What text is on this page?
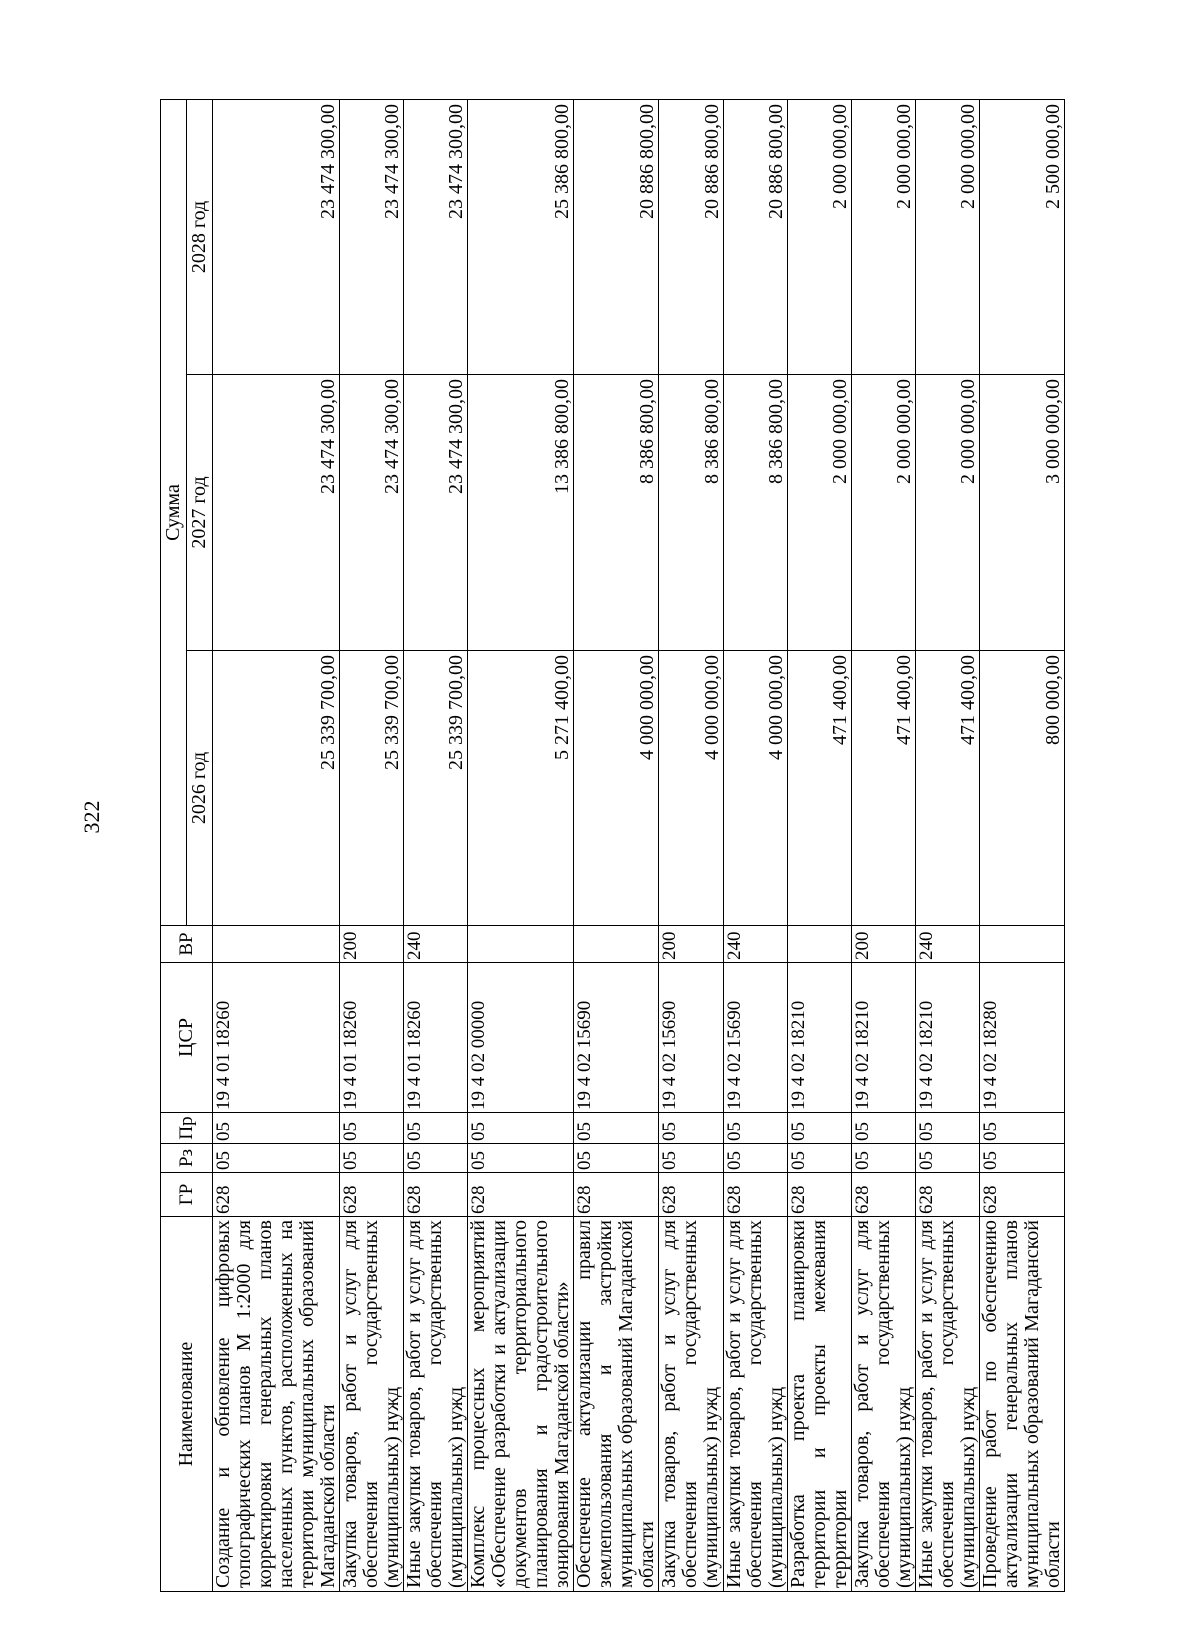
322
Наименование	ГР	Рз	Пр	ЦСР	ВР	Сумма		
						2026 год	2027 год	2028 год
Создание и обновление цифровых топографических планов М 1:2000 для корректировки генеральных планов населенных пунктов, расположенных на территории муниципальных образований Магаданской области	628	05	05	19 4 01 18260		25 339 700,00	23 474 300,00	23 474 300,00
Закупка товаров, работ и услуг для обеспечения государственных (муниципальных) нужд	628	05	05	19 4 01 18260	200	25 339 700,00	23 474 300,00	23 474 300,00
Иные закупки товаров, работ и услуг для обеспечения государственных (муниципальных) нужд	628	05	05	19 4 01 18260	240	25 339 700,00	23 474 300,00	23 474 300,00
Комплекс процессных мероприятий «Обеспечение разработки и актуализации документов территориального планирования и градостроительного зонирования Магаданской области»	628	05	05	19 4 02 00000		5 271 400,00	13 386 800,00	25 386 800,00
Обеспечение актуализации правил землепользования и застройки муниципальных образований Магаданской области	628	05	05	19 4 02 15690		4 000 000,00	8 386 800,00	20 886 800,00
Закупка товаров, работ и услуг для обеспечения государственных (муниципальных) нужд	628	05	05	19 4 02 15690	200	4 000 000,00	8 386 800,00	20 886 800,00
Иные закупки товаров, работ и услуг для обеспечения государственных (муниципальных) нужд	628	05	05	19 4 02 15690	240	4 000 000,00	8 386 800,00	20 886 800,00
Разработка проекта планировки территории и проекты межевания территории	628	05	05	19 4 02 18210		471 400,00	2 000 000,00	2 000 000,00
Закупка товаров, работ и услуг для обеспечения государственных (муниципальных) нужд	628	05	05	19 4 02 18210	200	471 400,00	2 000 000,00	2 000 000,00
Иные закупки товаров, работ и услуг для обеспечения государственных (муниципальных) нужд	628	05	05	19 4 02 18210	240	471 400,00	2 000 000,00	2 000 000,00
Проведение работ по обеспечению актуализации генеральных планов муниципальных образований Магаданской области	628	05	05	19 4 02 18280		800 000,00	3 000 000,00	2 500 000,00
